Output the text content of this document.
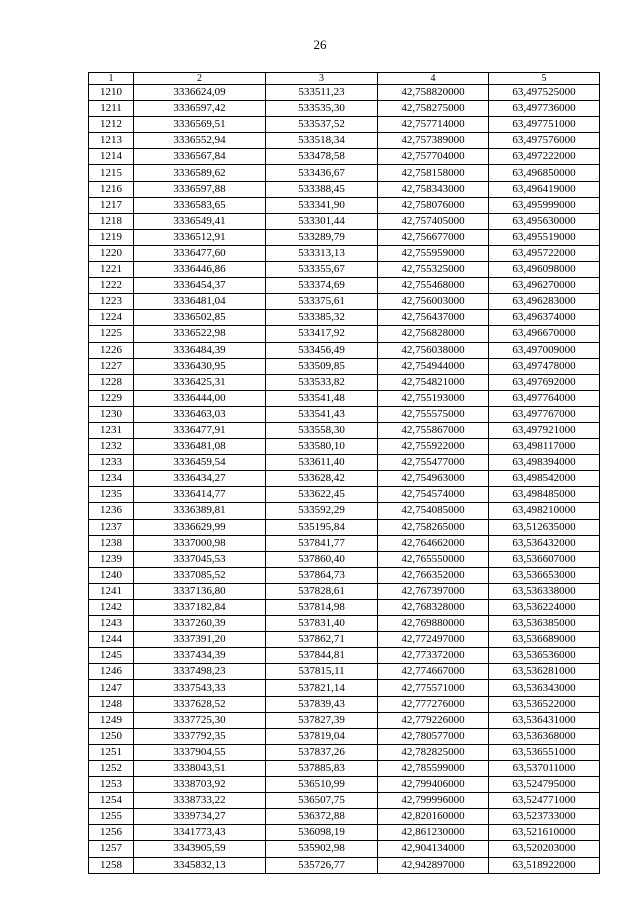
26
1	2	3	4	5
1210	3336624,09	533511,23	42,758820000	63,497525000
1211	3336597,42	533535,30	42,758275000	63,497736000
1212	3336569,51	533537,52	42,757714000	63,497751000
1213	3336552,94	533518,34	42,757389000	63,497576000
1214	3336567,84	533478,58	42,757704000	63,497222000
1215	3336589,62	533436,67	42,758158000	63,496850000
1216	3336597,88	533388,45	42,758343000	63,496419000
1217	3336583,65	533341,90	42,758076000	63,495999000
1218	3336549,41	533301,44	42,757405000	63,495630000
1219	3336512,91	533289,79	42,756677000	63,495519000
1220	3336477,60	533313,13	42,755959000	63,495722000
1221	3336446,86	533355,67	42,755325000	63,496098000
1222	3336454,37	533374,69	42,755468000	63,496270000
1223	3336481,04	533375,61	42,756003000	63,496283000
1224	3336502,85	533385,32	42,756437000	63,496374000
1225	3336522,98	533417,92	42,756828000	63,496670000
1226	3336484,39	533456,49	42,756038000	63,497009000
1227	3336430,95	533509,85	42,754944000	63,497478000
1228	3336425,31	533533,82	42,754821000	63,497692000
1229	3336444,00	533541,48	42,755193000	63,497764000
1230	3336463,03	533541,43	42,755575000	63,497767000
1231	3336477,91	533558,30	42,755867000	63,497921000
1232	3336481,08	533580,10	42,755922000	63,498117000
1233	3336459,54	533611,40	42,755477000	63,498394000
1234	3336434,27	533628,42	42,754963000	63,498542000
1235	3336414,77	533622,45	42,754574000	63,498485000
1236	3336389,81	533592,29	42,754085000	63,498210000
1237	3336629,99	535195,84	42,758265000	63,512635000
1238	3337000,98	537841,77	42,764662000	63,536432000
1239	3337045,53	537860,40	42,765550000	63,536607000
1240	3337085,52	537864,73	42,766352000	63,536653000
1241	3337136,80	537828,61	42,767397000	63,536338000
1242	3337182,84	537814,98	42,768328000	63,536224000
1243	3337260,39	537831,40	42,769880000	63,536385000
1244	3337391,20	537862,71	42,772497000	63,536689000
1245	3337434,39	537844,81	42,773372000	63,536536000
1246	3337498,23	537815,11	42,774667000	63,536281000
1247	3337543,33	537821,14	42,775571000	63,536343000
1248	3337628,52	537839,43	42,777276000	63,536522000
1249	3337725,30	537827,39	42,779226000	63,536431000
1250	3337792,35	537819,04	42,780577000	63,536368000
1251	3337904,55	537837,26	42,782825000	63,536551000
1252	3338043,51	537885,83	42,785599000	63,537011000
1253	3338703,92	536510,99	42,799406000	63,524795000
1254	3338733,22	536507,75	42,799996000	63,524771000
1255	3339734,27	536372,88	42,820160000	63,523733000
1256	3341773,43	536098,19	42,861230000	63,521610000
1257	3343905,59	535902,98	42,904134000	63,520203000
1258	3345832,13	535726,77	42,942897000	63,518922000
